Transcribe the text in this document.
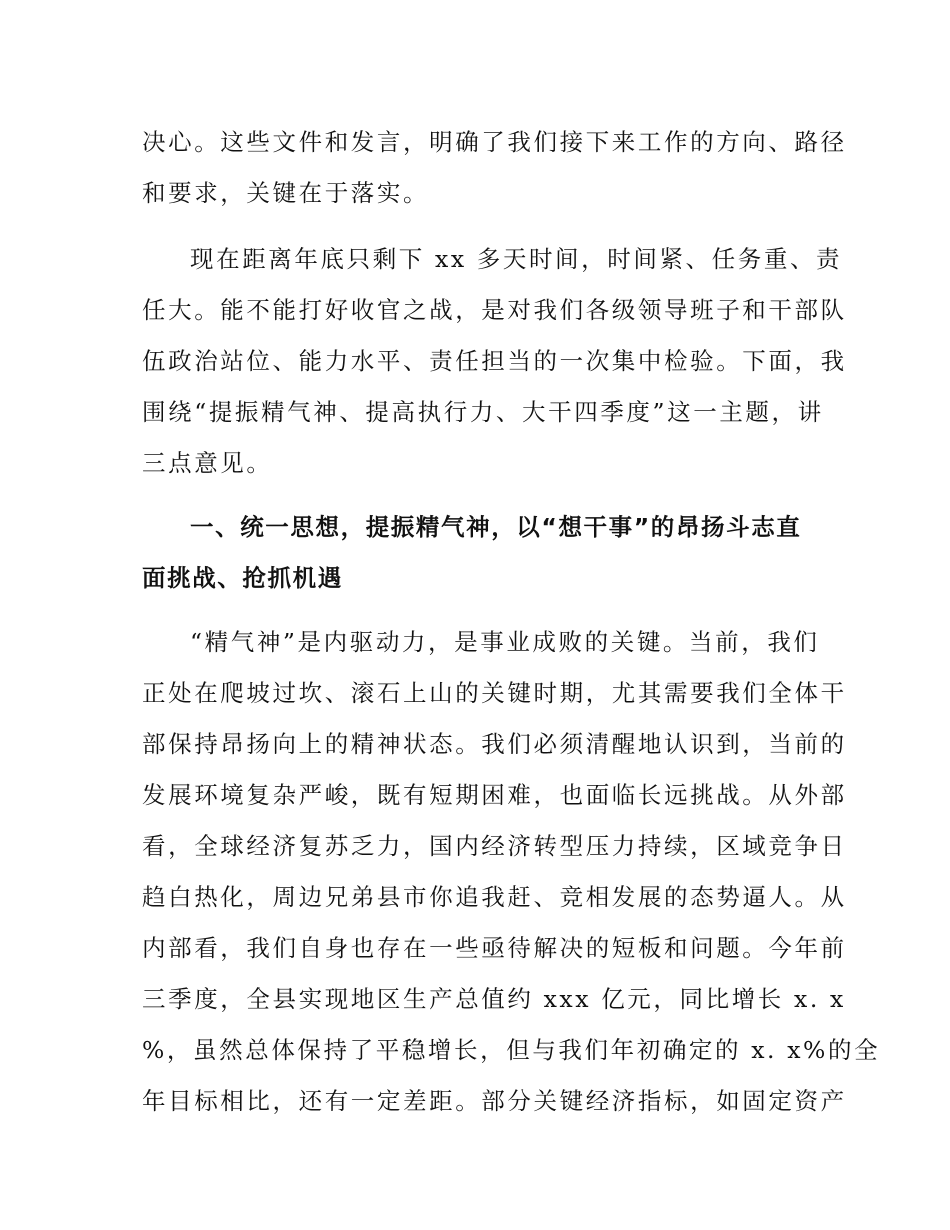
决心。这些文件和发言，明确了我们接下来工作的方向、路径
和要求，关键在于落实。
现在距离年底只剩下 xx 多天时间，时间紧、任务重、责
任大。能不能打好收官之战，是对我们各级领导班子和干部队
伍政治站位、能力水平、责任担当的一次集中检验。下面，我
围绕“提振精气神、提高执行力、大干四季度”这一主题，讲
三点意见。
一、统一思想，提振精气神，以“想干事”的昂扬斗志直
面挑战、抢抓机遇
“精气神”是内驱动力，是事业成败的关键。当前，我们
正处在爬坡过坎、滚石上山的关键时期，尤其需要我们全体干
部保持昂扬向上的精神状态。我们必须清醒地认识到，当前的
发展环境复杂严峻，既有短期困难，也面临长远挑战。从外部
看，全球经济复苏乏力，国内经济转型压力持续，区域竞争日
趋白热化，周边兄弟县市你追我赶、竞相发展的态势逼人。从
内部看，我们自身也存在一些亟待解决的短板和问题。今年前
三季度，全县实现地区生产总值约 xxx 亿元，同比增长 x. x
%，虽然总体保持了平稳增长，但与我们年初确定的 x. x%的全
年目标相比，还有一定差距。部分关键经济指标，如固定资产
